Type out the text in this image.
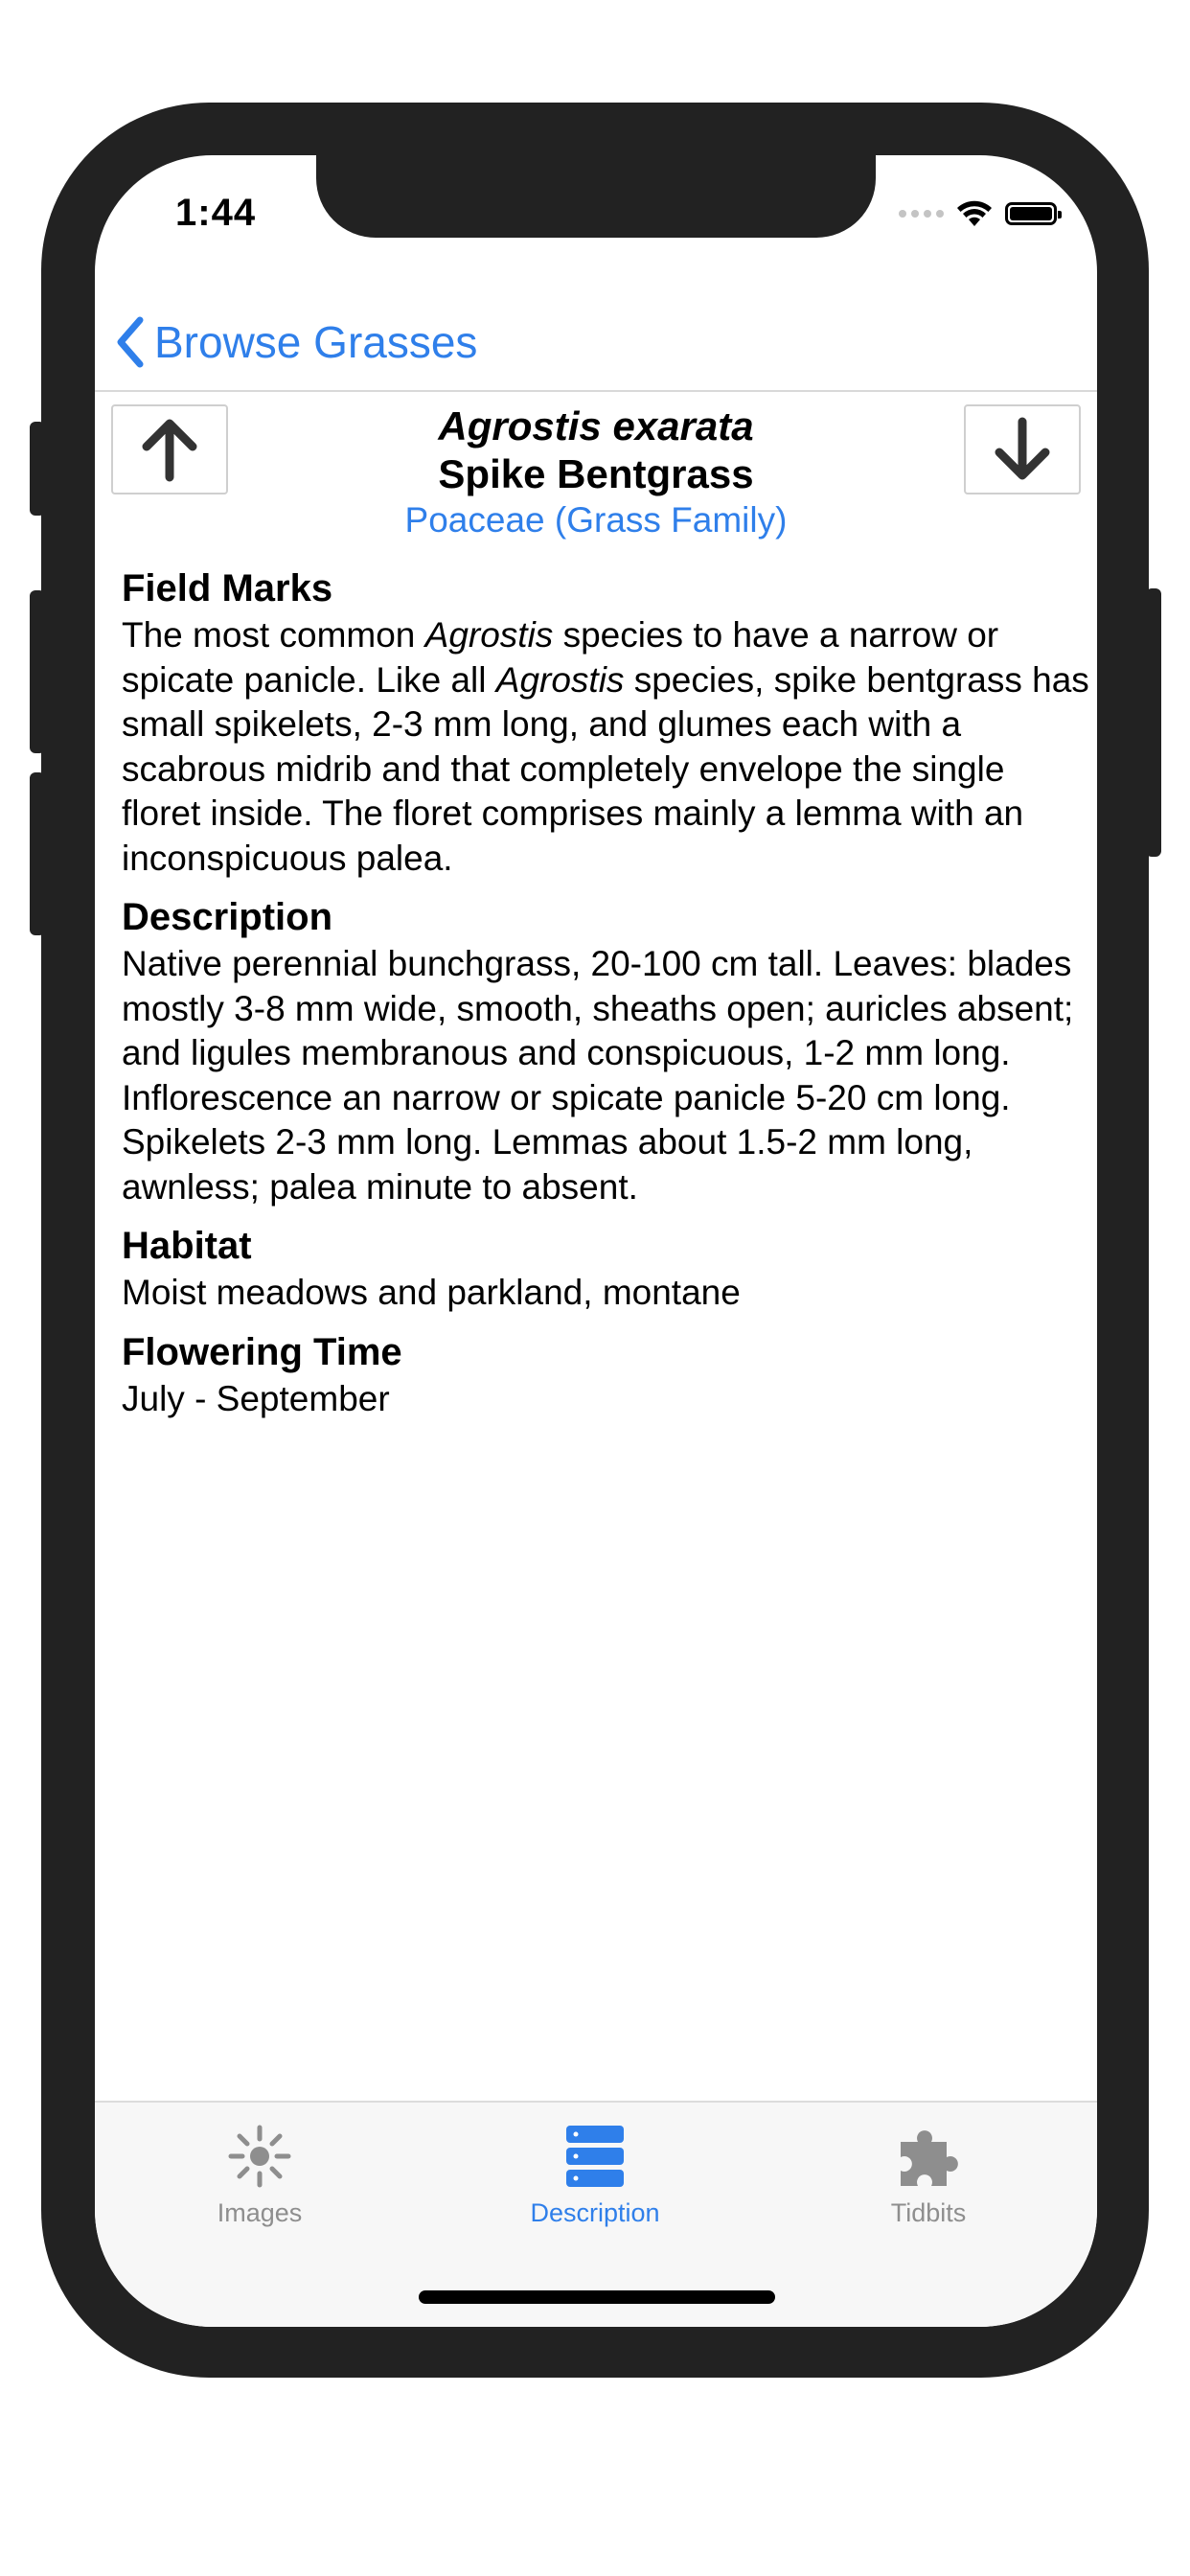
1:44
Browse Grasses
Agrostis exarata
Spike Bentgrass
Poaceae (Grass Family)
Field Marks
The most common Agrostis species to have a narrow or spicate panicle. Like all Agrostis species, spike bentgrass has small spikelets, 2-3 mm long, and glumes each with a scabrous midrib and that completely envelope the single floret inside. The floret comprises mainly a lemma with an inconspicuous palea.
Description
Native perennial bunchgrass, 20-100 cm tall. Leaves: blades mostly 3-8 mm wide, smooth, sheaths open; auricles absent; and ligules membranous and conspicuous, 1-2 mm long. Inflorescence an narrow or spicate panicle 5-20 cm long. Spikelets 2-3 mm long. Lemmas about 1.5-2 mm long, awnless; palea minute to absent.
Habitat
Moist meadows and parkland, montane
Flowering Time
July - September
Images	Description	Tidbits
